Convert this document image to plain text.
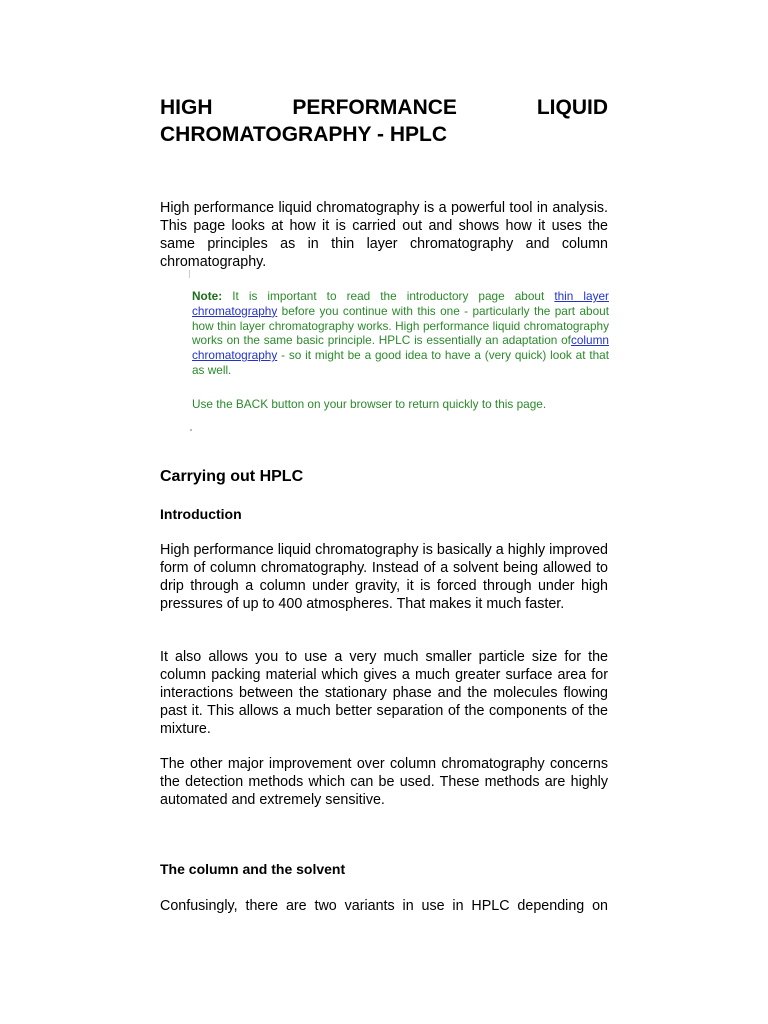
HIGH	PERFORMANCE	LIQUID
CHROMATOGRAPHY - HPLC

High performance liquid chromatography is a powerful tool in analysis. This page looks at how it is carried out and shows how it uses the same principles as in thin layer chromatography and column chromatography.

Note: It is important to read the introductory page about thin layer chromatography before you continue with this one - particularly the part about how thin layer chromatography works. High performance liquid chromatography works on the same basic principle. HPLC is essentially an adaptation ofcolumn chromatography - so it might be a good idea to have a (very quick) look at that as well.

Use the BACK button on your browser to return quickly to this page.

Carrying out HPLC
Introduction

High performance liquid chromatography is basically a highly improved form of column chromatography. Instead of a solvent being allowed to drip through a column under gravity, it is forced through under high pressures of up to 400 atmospheres. That makes it much faster.

It also allows you to use a very much smaller particle size for the column packing material which gives a much greater surface area for interactions between the stationary phase and the molecules flowing past it. This allows a much better separation of the components of the mixture.

The other major improvement over column chromatography concerns the detection methods which can be used. These methods are highly automated and extremely sensitive.

The column and the solvent

Confusingly, there are two variants in use in HPLC depending on
